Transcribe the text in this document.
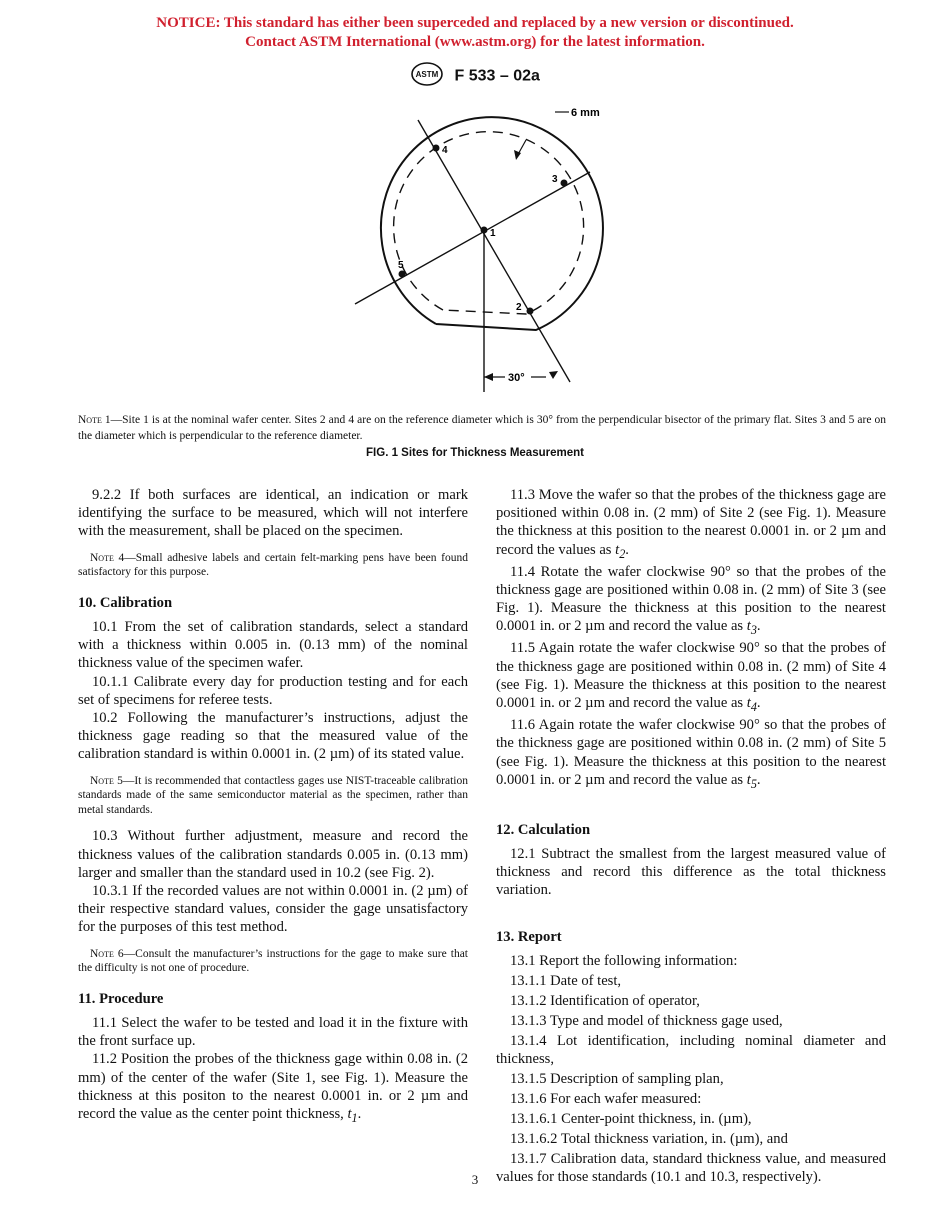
NOTICE: This standard has either been superceded and replaced by a new version or discontinued.
Contact ASTM International (www.astm.org) for the latest information.
ASTM F 533 – 02a
1
2
3
4
5
6 mm
30°
Note 1—Site 1 is at the nominal wafer center. Sites 2 and 4 are on the reference diameter which is 30° from the perpendicular bisector of the primary flat. Sites 3 and 5 are on the diameter which is perpendicular to the reference diameter.
FIG. 1 Sites for Thickness Measurement

9.2.2 If both surfaces are identical, an indication or mark identifying the surface to be measured, which will not interfere with the measurement, shall be placed on the specimen.

Note 4—Small adhesive labels and certain felt-marking pens have been found satisfactory for this purpose.

10. Calibration

10.1 From the set of calibration standards, select a standard with a thickness within 0.005 in. (0.13 mm) of the nominal thickness value of the specimen wafer.

10.1.1 Calibrate every day for production testing and for each set of specimens for referee tests.

10.2 Following the manufacturer’s instructions, adjust the thickness gage reading so that the measured value of the calibration standard is within 0.0001 in. (2 µm) of its stated value.

Note 5—It is recommended that contactless gages use NIST-traceable calibration standards made of the same semiconductor material as the specimen, rather than metal standards.

10.3 Without further adjustment, measure and record the thickness values of the calibration standards 0.005 in. (0.13 mm) larger and smaller than the standard used in 10.2 (see Fig. 2).

10.3.1 If the recorded values are not within 0.0001 in. (2 µm) of their respective standard values, consider the gage unsatisfactory for the purposes of this test method.

Note 6—Consult the manufacturer’s instructions for the gage to make sure that the difficulty is not one of procedure.

11. Procedure

11.1 Select the wafer to be tested and load it in the fixture with the front surface up.

11.2 Position the probes of the thickness gage within 0.08 in. (2 mm) of the center of the wafer (Site 1, see Fig. 1). Measure the thickness at this positon to the nearest 0.0001 in. or 2 µm and record the value as the center point thickness, $t_1$.

11.3 Move the wafer so that the probes of the thickness gage are positioned within 0.08 in. (2 mm) of Site 2 (see Fig. 1). Measure the thickness at this position to the nearest 0.0001 in. or 2 µm and record the values as $t_2$.

11.4 Rotate the wafer clockwise 90° so that the probes of the thickness gage are positioned within 0.08 in. (2 mm) of Site 3 (see Fig. 1). Measure the thickness at this position to the nearest 0.0001 in. or 2 µm and record the value as $t_3$.

11.5 Again rotate the wafer clockwise 90° so that the probes of the thickness gage are positioned within 0.08 in. (2 mm) of Site 4 (see Fig. 1). Measure the thickness at this position to the nearest 0.0001 in. or 2 µm and record the value as $t_4$.

11.6 Again rotate the wafer clockwise 90° so that the probes of the thickness gage are positioned within 0.08 in. (2 mm) of Site 5 (see Fig. 1). Measure the thickness at this position to the nearest 0.0001 in. or 2 µm and record the value as $t_5$.

12. Calculation

12.1 Subtract the smallest from the largest measured value of thickness and record this difference as the total thickness variation.

13. Report

13.1 Report the following information:

13.1.1 Date of test,

13.1.2 Identification of operator,

13.1.3 Type and model of thickness gage used,

13.1.4 Lot identification, including nominal diameter and thickness,

13.1.5 Description of sampling plan,

13.1.6 For each wafer measured:

13.1.6.1 Center-point thickness, in. (µm),

13.1.6.2 Total thickness variation, in. (µm), and

13.1.7 Calibration data, standard thickness value, and measured values for those standards (10.1 and 10.3, respectively).

3
